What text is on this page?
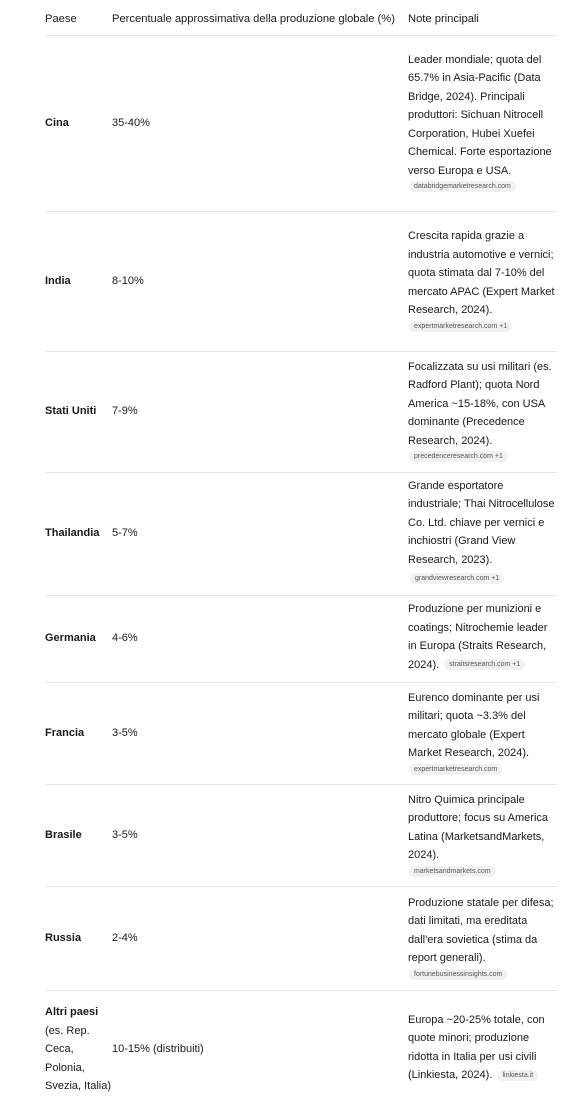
Paese	Percentuale approssimativa della produzione globale (%)	Note principali
Cina	35-40%	Leader mondiale; quota del 65.7% in Asia-Pacific (Data Bridge, 2024). Principali produttori: Sichuan Nitrocell Corporation, Hubei Xuefei Chemical. Forte esportazione verso Europa e USA.
databridgemarketresearch.com

India	8-10%	Crescita rapida grazie a industria automotive e vernici; quota stimata dal 7-10% del mercato APAC (Expert Market Research, 2024).
expertmarketresearch.com +1

Stati Uniti	7-9%	Focalizzata su usi militari (es. Radford Plant); quota Nord America ~15-18%, con USA dominante (Precedence Research, 2024).
precedenceresearch.com +1

Thailandia	5-7%	Grande esportatore industriale; Thai Nitrocellulose Co. Ltd. chiave per vernici e inchiostri (Grand View Research, 2023). grandviewresearch.com +1
Germania	4-6%	Produzione per munizioni e coatings; Nitrochemie leader in Europa (Straits Research, 2024). straitsresearch.com +1
Francia	3-5%	Eurenco dominante per usi militari; quota ~3.3% del mercato globale (Expert Market Research, 2024).
expertmarketresearch.com

Brasile	3-5%	Nitro Quimica principale produttore; focus su America Latina (MarketsandMarkets, 2024).
marketsandmarkets.com

Russia	2-4%	Produzione statale per difesa; dati limitati, ma ereditata dall'era sovietica (stima da report generali).
fortunebusinessinsights.com

Altri paesi
(es. Rep. Ceca, Polonia, Svezia, Italia)	10-15% (distribuiti)	Europa ~20-25% totale, con quote minori; produzione ridotta in Italia per usi civili (Linkiesta, 2024). linkiesta.it
